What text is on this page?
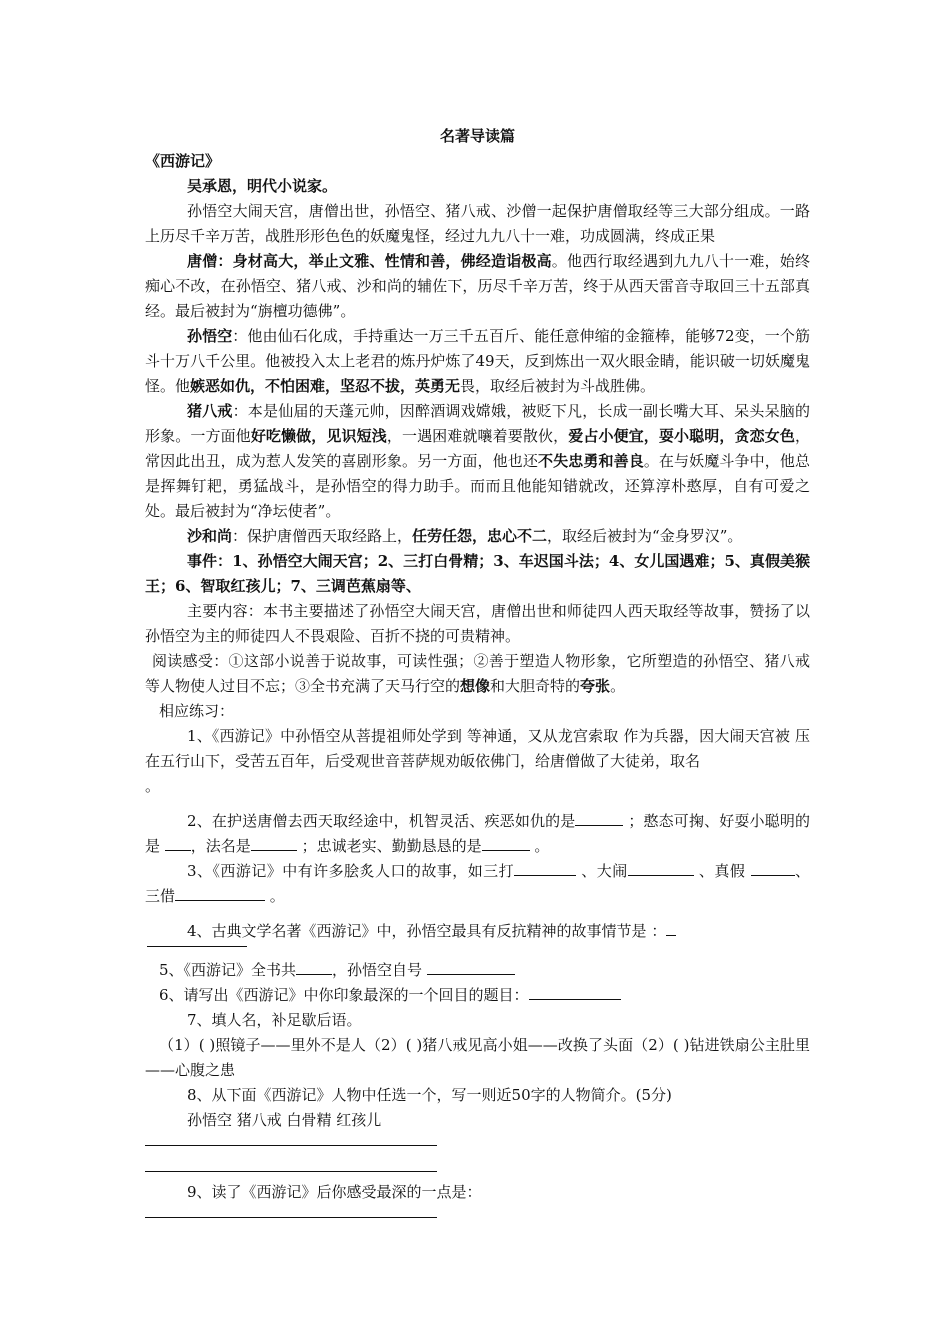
名著导读篇

《西游记》

吴承恩，明代小说家。

孙悟空大闹天宫，唐僧出世，孙悟空、猪八戒、沙僧一起保护唐僧取经等三大部分组成。一路上历尽千辛万苦，战胜形形色色的妖魔鬼怪，经过九九八十一难，功成圆满，终成正果

唐僧：身材高大，举止文雅、性情和善，佛经造诣极高。他西行取经遇到九九八十一难，始终痴心不改，在孙悟空、猪八戒、沙和尚的辅佐下，历尽千辛万苦，终于从西天雷音寺取回三十五部真经。最后被封为“旃檀功德佛”。

孙悟空：他由仙石化成，手持重达一万三千五百斤、能任意伸缩的金箍棒，能够72变，一个筋斗十万八千公里。他被投入太上老君的炼丹炉炼了49天，反到炼出一双火眼金睛，能识破一切妖魔鬼怪。他嫉恶如仇，不怕困难，坚忍不拔，英勇无畏，取经后被封为斗战胜佛。

猪八戒：本是仙届的天蓬元帅，因醉酒调戏嫦娥，被贬下凡，长成一副长嘴大耳、呆头呆脑的形象。一方面他好吃懒做，见识短浅，一遇困难就嚷着要散伙，爱占小便宜，耍小聪明，贪恋女色，常因此出丑，成为惹人发笑的喜剧形象。另一方面，他也还不失忠勇和善良。在与妖魔斗争中，他总是挥舞钉耙，勇猛战斗，是孙悟空的得力助手。而而且他能知错就改，还算淳朴憨厚，自有可爱之处。最后被封为“净坛使者”。

沙和尚：保护唐僧西天取经路上，任劳任怨，忠心不二，取经后被封为“金身罗汉”。

事件：1、孙悟空大闹天宫；2、三打白骨精；3、车迟国斗法；4、女儿国遇难；5、真假美猴王；6、智取红孩儿；7、三调芭蕉扇等、

主要内容：本书主要描述了孙悟空大闹天宫，唐僧出世和师徒四人西天取经等故事，赞扬了以孙悟空为主的师徒四人不畏艰险、百折不挠的可贵精神。

阅读感受：①这部小说善于说故事，可读性强；②善于塑造人物形象，它所塑造的孙悟空、猪八戒等人物使人过目不忘；③全书充满了天马行空的想像和大胆奇特的夸张。

相应练习：

1、《西游记》中孙悟空从菩提祖师处学到 等神通，又从龙宫索取 作为兵器，因大闹天宫被 压在五行山下，受苦五百年，后受观世音菩萨规劝皈依佛门，给唐僧做了大徒弟，取名
。

2、在护送唐僧去西天取经途中，机智灵活、疾恶如仇的是	；憨态可掬、好耍小聪明的是 ，法名是	；忠诚老实、勤勤恳恳的是	。

3、《西游记》中有许多脍炙人口的故事，如三打	、大闹	、真假	、三借	。

4、古典文学名著《西游记》中，孙悟空最具有反抗精神的故事情节是 ：

5、《西游记》全书共 ，孙悟空自号

6、请写出《西游记》中你印象最深的一个回目的题目：

7、填人名，补足歇后语。

（1）( )照镜子——里外不是人（2）( )猪八戒见高小姐——改换了头面（2）( )钻进铁扇公主肚里——心腹之患

8、从下面《西游记》人物中任选一个，写一则近50字的人物简介。(5分)

孙悟空 猪八戒 白骨精 红孩儿

9、读了《西游记》后你感受最深的一点是：
